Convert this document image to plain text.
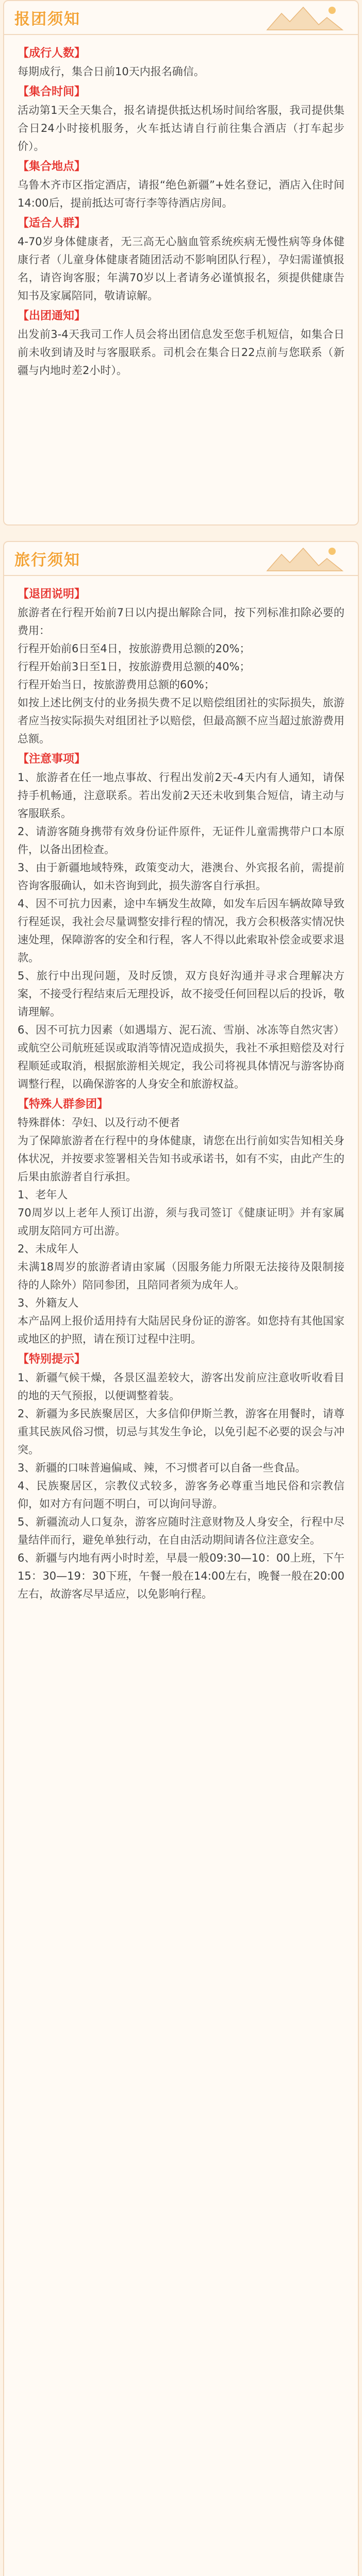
报团须知
【成行人数】

每期成行，集合日前10天内报名确信。

【集合时间】

活动第1天全天集合，报名请提供抵达机场时间给客服，我司提供集合日24小时接机服务，火车抵达请自行前往集合酒店（打车起步价）。

【集合地点】

乌鲁木齐市区指定酒店，请报“绝色新疆”+姓名登记，酒店入住时间14:00后，提前抵达可寄行李等待酒店房间。

【适合人群】

4-70岁身体健康者，无三高无心脑血管系统疾病无慢性病等身体健康行者（儿童身体健康者随团活动不影响团队行程），孕妇需谨慎报名，请咨询客服；年满70岁以上者请务必谨慎报名，须提供健康告知书及家属陪同，敬请谅解。

【出团通知】

出发前3-4天我司工作人员会将出团信息发至您手机短信，如集合日前未收到请及时与客服联系。司机会在集合日22点前与您联系（新疆与内地时差2小时）。

旅行须知
【退团说明】

旅游者在行程开始前7日以内提出解除合同，按下列标准扣除必要的费用：

行程开始前6日至4日，按旅游费用总额的20%；

行程开始前3日至1日，按旅游费用总额的40%；

行程开始当日，按旅游费用总额的60%；

如按上述比例支付的业务损失费不足以赔偿组团社的实际损失，旅游者应当按实际损失对组团社予以赔偿，但最高额不应当超过旅游费用总额。

【注意事项】

1、旅游者在任一地点事故、行程出发前2天-4天内有人通知，请保持手机畅通，注意联系。若出发前2天还未收到集合短信，请主动与客服联系。

2、请游客随身携带有效身份证件原件，无证件儿童需携带户口本原件，以备出团检查。

3、由于新疆地域特殊，政策变动大，港澳台、外宾报名前，需提前咨询客服确认，如未咨询到此，损失游客自行承担。

4、因不可抗力因素，途中车辆发生故障，如发车后因车辆故障导致行程延误，我社会尽量调整安排行程的情况，我方会积极落实情况快速处理，保障游客的安全和行程，客人不得以此索取补偿金或要求退款。

5、旅行中出现问题，及时反馈，双方良好沟通并寻求合理解决方案，不接受行程结束后无理投诉，故不接受任何回程以后的投诉，敬请理解。

6、因不可抗力因素（如遇塌方、泥石流、雪崩、冰冻等自然灾害）或航空公司航班延误或取消等情况造成损失，我社不承担赔偿及对行程顺延或取消，根据旅游相关规定，我公司将视具体情况与游客协商调整行程，以确保游客的人身安全和旅游权益。

【特殊人群参团】

特殊群体：孕妇、以及行动不便者

为了保障旅游者在行程中的身体健康，请您在出行前如实告知相关身体状况，并按要求签署相关告知书或承诺书，如有不实，由此产生的后果由旅游者自行承担。

1、老年人

70周岁以上老年人预订出游，须与我司签订《健康证明》并有家属或朋友陪同方可出游。

2、未成年人

未满18周岁的旅游者请由家属（因服务能力所限无法接待及限制接待的人除外）陪同参团，且陪同者须为成年人。

3、外籍友人

本产品网上报价适用持有大陆居民身份证的游客。如您持有其他国家或地区的护照，请在预订过程中注明。

【特别提示】

1、新疆气候干燥，各景区温差较大，游客出发前应注意收听收看目的地的天气预报，以便调整着装。

2、新疆为多民族聚居区，大多信仰伊斯兰教，游客在用餐时，请尊重其民族风俗习惯，切忌与其发生争论，以免引起不必要的误会与冲突。

3、新疆的口味普遍偏咸、辣，不习惯者可以自备一些食品。

4、民族聚居区，宗教仪式较多，游客务必尊重当地民俗和宗教信仰，如对方有问题不明白，可以询问导游。

5、新疆流动人口复杂，游客应随时注意财物及人身安全，行程中尽量结伴而行，避免单独行动，在自由活动期间请各位注意安全。

6、新疆与内地有两小时时差，早晨一般09:30—10：00上班，下午15：30—19：30下班，午餐一般在14:00左右，晚餐一般在20:00左右，故游客尽早适应，以免影响行程。
